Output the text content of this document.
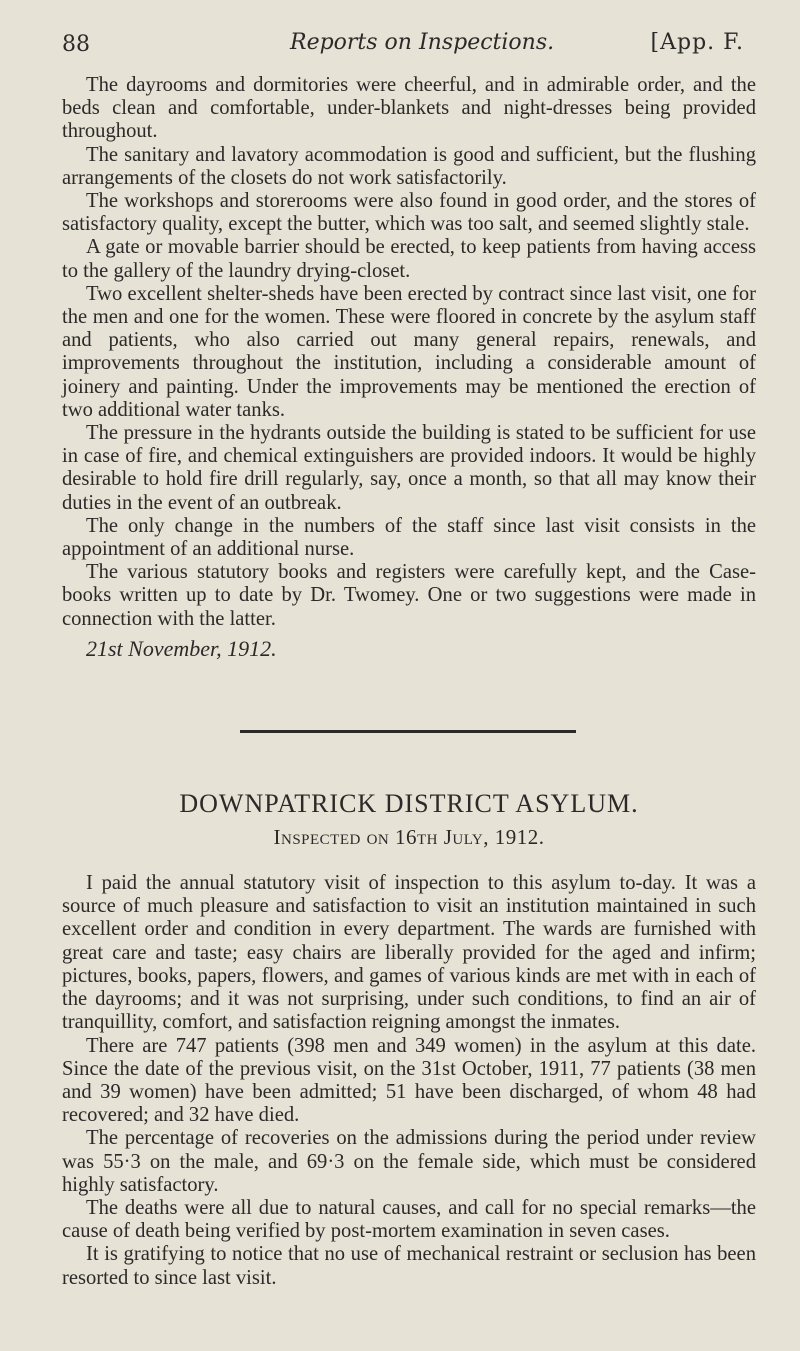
88	Reports on Inspections.	[App. F.

The dayrooms and dormitories were cheerful, and in admirable order, and the beds clean and comfortable, under-blankets and night-dresses being provided throughout.

The sanitary and lavatory acommodation is good and sufficient, but the flushing arrangements of the closets do not work satisfactorily.

The workshops and storerooms were also found in good order, and the stores of satisfactory quality, except the butter, which was too salt, and seemed slightly stale.

A gate or movable barrier should be erected, to keep patients from having access to the gallery of the laundry drying-closet.

Two excellent shelter-sheds have been erected by contract since last visit, one for the men and one for the women. These were floored in concrete by the asylum staff and patients, who also carried out many general repairs, renewals, and improvements throughout the institution, including a considerable amount of joinery and painting. Under the improvements may be mentioned the erection of two additional water tanks.

The pressure in the hydrants outside the building is stated to be sufficient for use in case of fire, and chemical extinguishers are provided indoors. It would be highly desirable to hold fire drill regularly, say, once a month, so that all may know their duties in the event of an outbreak.

The only change in the numbers of the staff since last visit consists in the appointment of an additional nurse.

The various statutory books and registers were carefully kept, and the Case-books written up to date by Dr. Twomey. One or two suggestions were made in connection with the latter.

21st November, 1912.

DOWNPATRICK DISTRICT ASYLUM.
Inspected on 16th July, 1912.

I paid the annual statutory visit of inspection to this asylum to-day. It was a source of much pleasure and satisfaction to visit an institution maintained in such excellent order and condition in every department. The wards are furnished with great care and taste; easy chairs are liberally provided for the aged and infirm; pictures, books, papers, flowers, and games of various kinds are met with in each of the dayrooms; and it was not surprising, under such conditions, to find an air of tranquillity, comfort, and satisfaction reigning amongst the inmates.

There are 747 patients (398 men and 349 women) in the asylum at this date. Since the date of the previous visit, on the 31st October, 1911, 77 patients (38 men and 39 women) have been admitted; 51 have been discharged, of whom 48 had recovered; and 32 have died.

The percentage of recoveries on the admissions during the period under review was 55·3 on the male, and 69·3 on the female side, which must be considered highly satisfactory.

The deaths were all due to natural causes, and call for no special remarks—the cause of death being verified by post-mortem examination in seven cases.

It is gratifying to notice that no use of mechanical restraint or seclusion has been resorted to since last visit.
